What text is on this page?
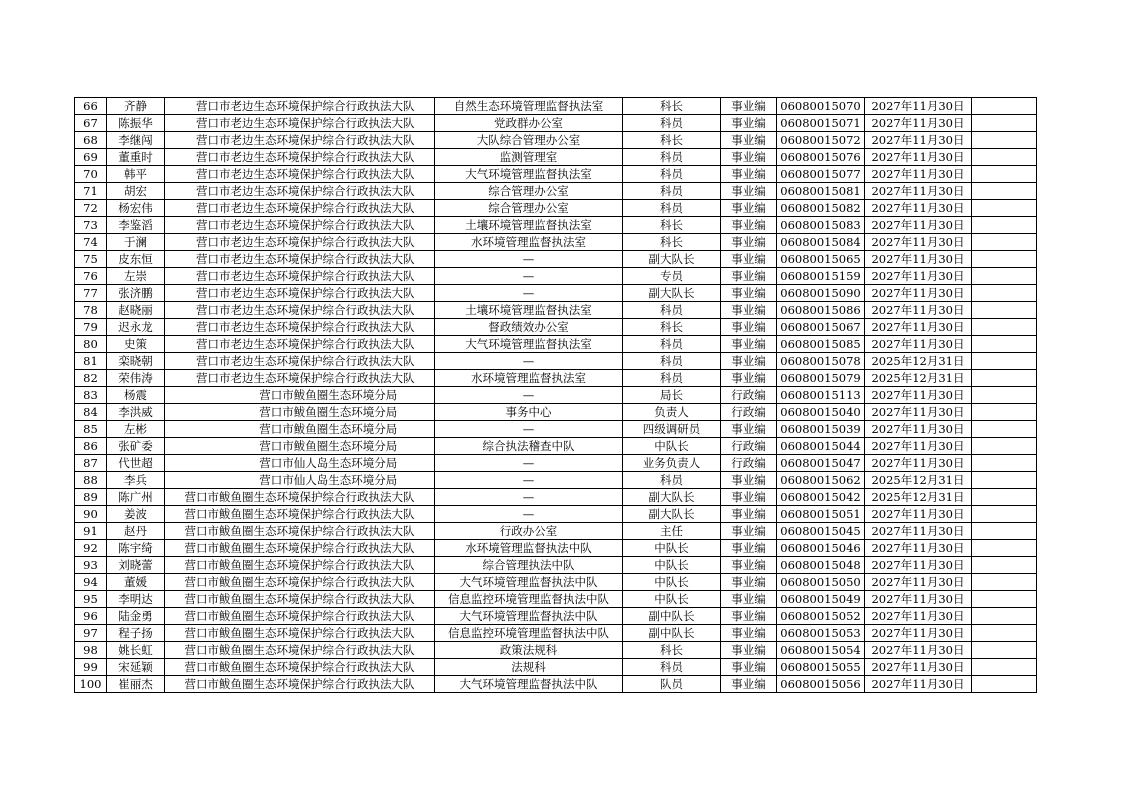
66	齐静	　营口市老边生态环境保护综合行政执法大队	自然生态环境管理监督执法室	科长	事业编	06080015070	2027年11月30日	
67	陈振华	　营口市老边生态环境保护综合行政执法大队	党政群办公室	科员	事业编	06080015071	2027年11月30日	
68	李继闯	　营口市老边生态环境保护综合行政执法大队	大队综合管理办公室	科长	事业编	06080015072	2027年11月30日	
69	董重时	　营口市老边生态环境保护综合行政执法大队	监测管理室	科员	事业编	06080015076	2027年11月30日	
70	韩平	　营口市老边生态环境保护综合行政执法大队	大气环境管理监督执法室	科员	事业编	06080015077	2027年11月30日	
71	胡宏	　营口市老边生态环境保护综合行政执法大队	综合管理办公室	科员	事业编	06080015081	2027年11月30日	
72	杨宏伟	　营口市老边生态环境保护综合行政执法大队	综合管理办公室	科员	事业编	06080015082	2027年11月30日	
73	李鉴滔	　营口市老边生态环境保护综合行政执法大队	土壤环境管理监督执法室	科长	事业编	06080015083	2027年11月30日	
74	于澜	　营口市老边生态环境保护综合行政执法大队	水环境管理监督执法室	科长	事业编	06080015084	2027年11月30日	
75	皮东恒	　营口市老边生态环境保护综合行政执法大队	—	副大队长	事业编	06080015065	2027年11月30日	
76	左崇	　营口市老边生态环境保护综合行政执法大队	—	专员	事业编	06080015159	2027年11月30日	
77	张济鹏	　营口市老边生态环境保护综合行政执法大队	—	副大队长	事业编	06080015090	2027年11月30日	
78	赵晓丽	　营口市老边生态环境保护综合行政执法大队	土壤环境管理监督执法室	科员	事业编	06080015086	2027年11月30日	
79	迟永龙	　营口市老边生态环境保护综合行政执法大队	督政绩效办公室	科长	事业编	06080015067	2027年11月30日	
80	史策	　营口市老边生态环境保护综合行政执法大队	大气环境管理监督执法室	科员	事业编	06080015085	2027年11月30日	
81	栾晓朝	　营口市老边生态环境保护综合行政执法大队	—	科员	事业编	06080015078	2025年12月31日	
82	荣伟涛	　营口市老边生态环境保护综合行政执法大队	水环境管理监督执法室	科员	事业编	06080015079	2025年12月31日	
83	杨震	　　　　　营口市鲅鱼圈生态环境分局	—	局长	行政编	06080015113	2027年11月30日	
84	李洪威	　　　　　营口市鲅鱼圈生态环境分局	事务中心	负责人	行政编	06080015040	2027年11月30日	
85	左彬	　　　　　营口市鲅鱼圈生态环境分局	—	四级调研员	事业编	06080015039	2027年11月30日	
86	张矿委	　　　　　营口市鲅鱼圈生态环境分局	综合执法稽查中队	中队长	行政编	06080015044	2027年11月30日	
87	代世超	　　　　　营口市仙人岛生态环境分局	—	业务负责人	行政编	06080015047	2027年11月30日	
88	李兵	　　　　　营口市仙人岛生态环境分局	—	科员	事业编	06080015062	2025年12月31日	
89	陈广州	营口市鲅鱼圈生态环境保护综合行政执法大队	—	副大队长	事业编	06080015042	2025年12月31日	
90	姜波	营口市鲅鱼圈生态环境保护综合行政执法大队	—	副大队长	事业编	06080015051	2027年11月30日	
91	赵丹	营口市鲅鱼圈生态环境保护综合行政执法大队	行政办公室	主任	事业编	06080015045	2027年11月30日	
92	陈宇绮	营口市鲅鱼圈生态环境保护综合行政执法大队	水环境管理监督执法中队	中队长	事业编	06080015046	2027年11月30日	
93	刘晓蕾	营口市鲅鱼圈生态环境保护综合行政执法大队	综合管理执法中队	中队长	事业编	06080015048	2027年11月30日	
94	董媛	营口市鲅鱼圈生态环境保护综合行政执法大队	大气环境管理监督执法中队	中队长	事业编	06080015050	2027年11月30日	
95	李明达	营口市鲅鱼圈生态环境保护综合行政执法大队	信息监控环境管理监督执法中队	中队长	事业编	06080015049	2027年11月30日	
96	陆金勇	营口市鲅鱼圈生态环境保护综合行政执法大队	大气环境管理监督执法中队	副中队长	事业编	06080015052	2027年11月30日	
97	程子扬	营口市鲅鱼圈生态环境保护综合行政执法大队	信息监控环境管理监督执法中队	副中队长	事业编	06080015053	2027年11月30日	
98	姚长虹	营口市鲅鱼圈生态环境保护综合行政执法大队	政策法规科	科长	事业编	06080015054	2027年11月30日	
99	宋延颖	营口市鲅鱼圈生态环境保护综合行政执法大队	法规科	科员	事业编	06080015055	2027年11月30日	
100	崔丽杰	营口市鲅鱼圈生态环境保护综合行政执法大队	大气环境管理监督执法中队	队员	事业编	06080015056	2027年11月30日	
